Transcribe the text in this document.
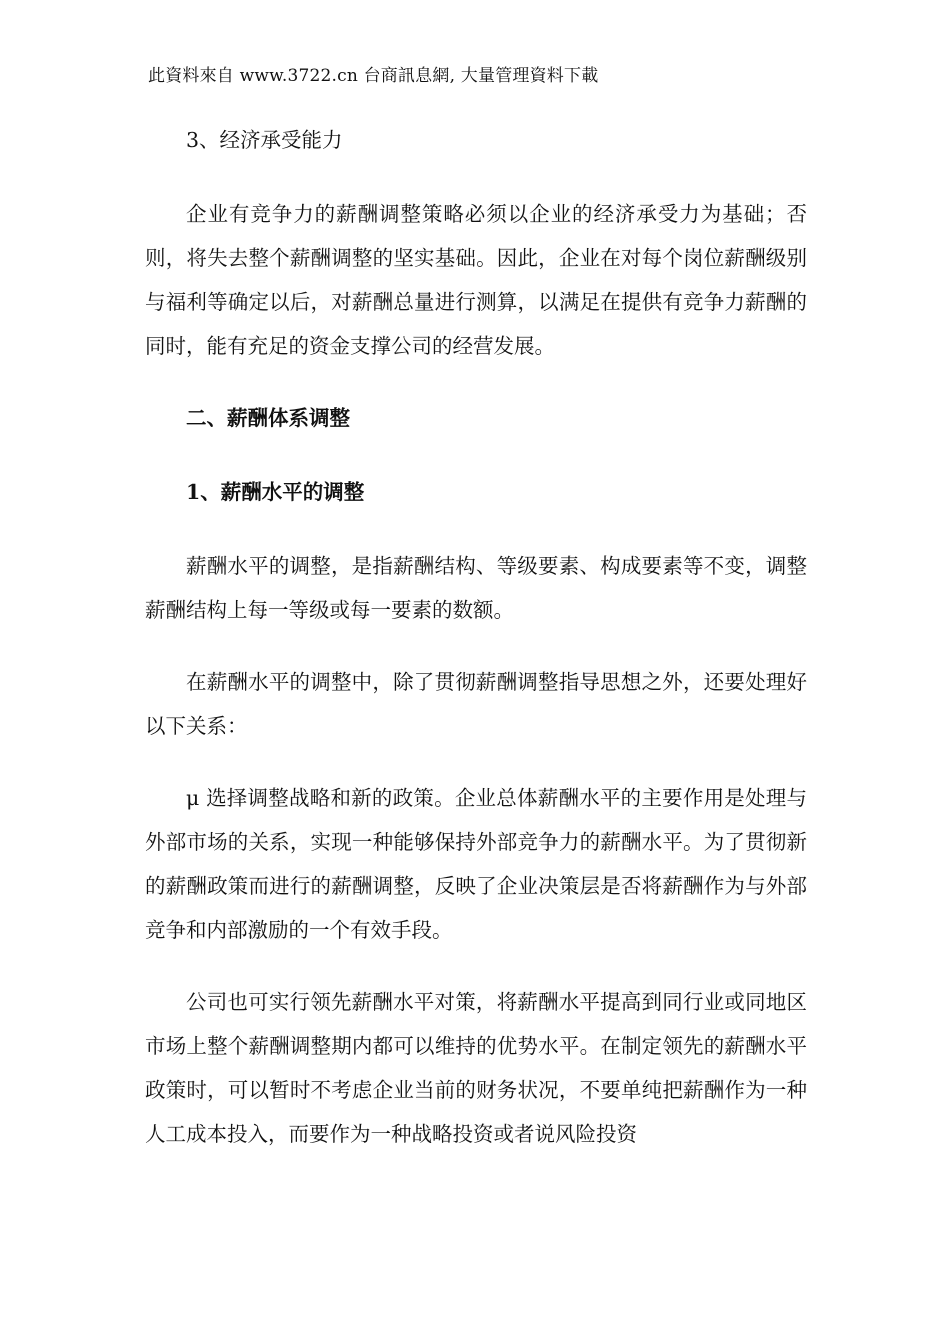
此資料來自 www.3722.cn 台商訊息網, 大量管理資料下載

3、经济承受能力

企业有竞争力的薪酬调整策略必须以企业的经济承受力为基础；否则，将失去整个薪酬调整的坚实基础。因此，企业在对每个岗位薪酬级别与福利等确定以后，对薪酬总量进行测算，以满足在提供有竞争力薪酬的同时，能有充足的资金支撑公司的经营发展。

二、薪酬体系调整

1、薪酬水平的调整

薪酬水平的调整，是指薪酬结构、等级要素、构成要素等不变，调整薪酬结构上每一等级或每一要素的数额。

在薪酬水平的调整中，除了贯彻薪酬调整指导思想之外，还要处理好以下关系：

μ 选择调整战略和新的政策。企业总体薪酬水平的主要作用是处理与外部市场的关系，实现一种能够保持外部竞争力的薪酬水平。为了贯彻新的薪酬政策而进行的薪酬调整，反映了企业决策层是否将薪酬作为与外部竞争和内部激励的一个有效手段。

公司也可实行领先薪酬水平对策，将薪酬水平提高到同行业或同地区市场上整个薪酬调整期内都可以维持的优势水平。在制定领先的薪酬水平政策时，可以暂时不考虑企业当前的财务状况，不要单纯把薪酬作为一种人工成本投入，而要作为一种战略投资或者说风险投资
